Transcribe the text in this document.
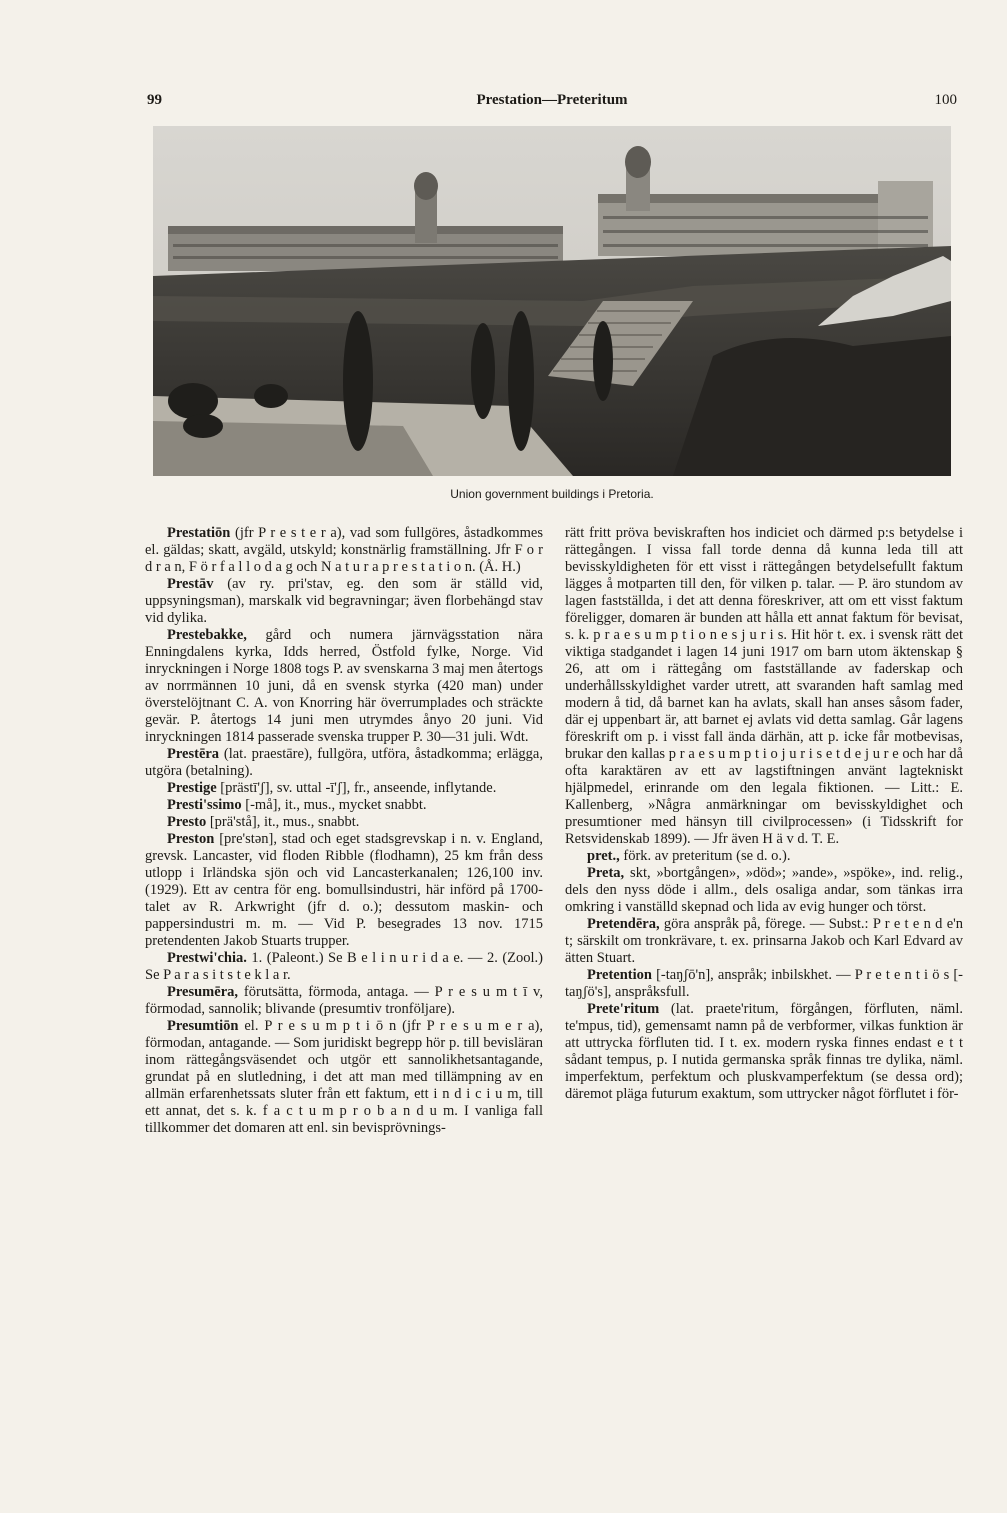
99	Prestation—Preteritum	100
Union government buildings i Pretoria.

Prestatiōn (jfr P r e s t e r a), vad som fullgöres, åstadkommes el. gäldas; skatt, avgäld, utskyld; konstnärlig framställning. Jfr F o r d r a n, F ö r f a l l o d a g och N a t u r a p r e s t a t i o n. (Å. H.)

Prestāv (av ry. pri'stav, eg. den som är ställd vid, uppsyningsman), marskalk vid begravningar; även florbehängd stav vid dylika.

Prestebakke, gård och numera järnvägsstation nära Enningdalens kyrka, Idds herred, Östfold fylke, Norge. Vid inryckningen i Norge 1808 togs P. av svenskarna 3 maj men återtogs av norrmännen 10 juni, då en svensk styrka (420 man) under överstelöjtnant C. A. von Knorring här överrumplades och sträckte gevär. P. återtogs 14 juni men utrymdes ånyo 20 juni. Vid inryckningen 1814 passerade svenska trupper P. 30—31 juli. Wdt.

Prestēra (lat. praestāre), fullgöra, utföra, åstadkomma; erlägga, utgöra (betalning).

Prestige [prästī'ʃ], sv. uttal -ī'ʃ], fr., anseende, inflytande.

Presti'ssimo [-må], it., mus., mycket snabbt.

Presto [prä'stå], it., mus., snabbt.

Preston [pre'stən], stad och eget stadsgrevskap i n. v. England, grevsk. Lancaster, vid floden Ribble (flodhamn), 25 km från dess utlopp i Irländska sjön och vid Lancasterkanalen; 126,100 inv. (1929). Ett av centra för eng. bomullsindustri, här införd på 1700-talet av R. Arkwright (jfr d. o.); dessutom maskin- och pappersindustri m. m. — Vid P. besegrades 13 nov. 1715 pretendenten Jakob Stuarts trupper.

Prestwi'chia. 1. (Paleont.) Se B e l i n u r i d a e. — 2. (Zool.) Se P a r a s i t s t e k l a r.

Presumēra, förutsätta, förmoda, antaga. — P r e s u m t ī v, förmodad, sannolik; blivande (presumtiv tronföljare).

Presumtiōn el. P r e s u m p t i ō n (jfr P r e s u m e r a), förmodan, antagande. — Som juridiskt begrepp hör p. till bevisläran inom rättegångsväsendet och utgör ett sannolikhetsantagande, grundat på en slutledning, i det att man med tillämpning av en allmän erfarenhetssats sluter från ett faktum, ett i n d i c i u m, till ett annat, det s. k. f a c t u m p r o b a n d u m. I vanliga fall tillkommer det domaren att enl. sin bevisprövnings-

rätt fritt pröva beviskraften hos indiciet och därmed p:s betydelse i rättegången. I vissa fall torde denna då kunna leda till att bevisskyldigheten för ett visst i rättegången betydelsefullt faktum lägges å motparten till den, för vilken p. talar. — P. äro stundom av lagen fastställda, i det att denna föreskriver, att om ett visst faktum föreligger, domaren är bunden att hålla ett annat faktum för bevisat, s. k. p r a e s u m p t i o n e s j u r i s. Hit hör t. ex. i svensk rätt det viktiga stadgandet i lagen 14 juni 1917 om barn utom äktenskap § 26, att om i rättegång om fastställande av faderskap och underhållsskyldighet varder utrett, att svaranden haft samlag med modern å tid, då barnet kan ha avlats, skall han anses såsom fader, där ej uppenbart är, att barnet ej avlats vid detta samlag. Går lagens föreskrift om p. i visst fall ända därhän, att p. icke får motbevisas, brukar den kallas p r a e s u m p t i o j u r i s e t d e j u r e och har då ofta karaktären av ett av lagstiftningen använt lagtekniskt hjälpmedel, erinrande om den legala fiktionen. — Litt.: E. Kallenberg, »Några anmärkningar om bevisskyldighet och presumtioner med hänsyn till civilprocessen» (i Tidsskrift for Retsvidenskab 1899). — Jfr även H ä v d. T. E.

pret., förk. av preteritum (se d. o.).

Preta, skt, »bortgången», »död»; »ande», »spöke», ind. relig., dels den nyss döde i allm., dels osaliga andar, som tänkas irra omkring i vanställd skepnad och lida av evig hunger och törst.

Pretendēra, göra anspråk på, förege. — Subst.: P r e t e n d e'n t; särskilt om tronkrävare, t. ex. prinsarna Jakob och Karl Edvard av ätten Stuart.

Pretention [-taŋʃō'n], anspråk; inbilskhet. — P r e t e n t i ö s [-taŋʃö's], anspråksfull.

Prete'ritum (lat. praete'ritum, förgången, förfluten, näml. te'mpus, tid), gemensamt namn på de verbformer, vilkas funktion är att uttrycka förfluten tid. I t. ex. modern ryska finnes endast e t t sådant tempus, p. I nutida germanska språk finnas tre dylika, näml. imperfektum, perfektum och pluskvamperfektum (se dessa ord); däremot pläga futurum exaktum, som uttrycker något förflutet i för-
